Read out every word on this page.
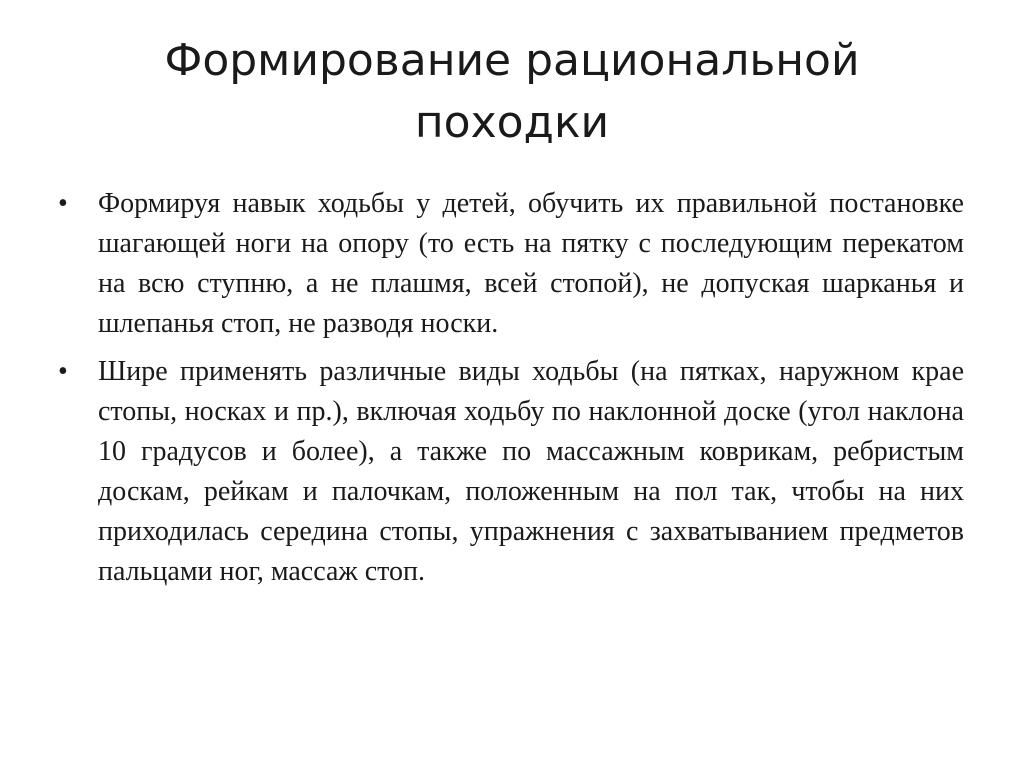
Формирование рациональной
походки
•	Формируя навык ходьбы у детей, обучить их правильной постановке шагающей ноги на опору (то есть на пятку с последующим перекатом на всю ступню, а не плашмя, всей стопой), не допуская шарканья и шлепанья стоп, не разводя носки.
•	Шире применять различные виды ходьбы (на пятках, наружном крае стопы, носках и пр.), включая ходьбу по наклонной доске (угол наклона 10 градусов и более), а также по массажным коврикам, ребристым доскам, рейкам и палочкам, положенным на пол так, чтобы на них приходилась середина стопы, упражнения с захватыванием предметов пальцами ног, массаж стоп.
